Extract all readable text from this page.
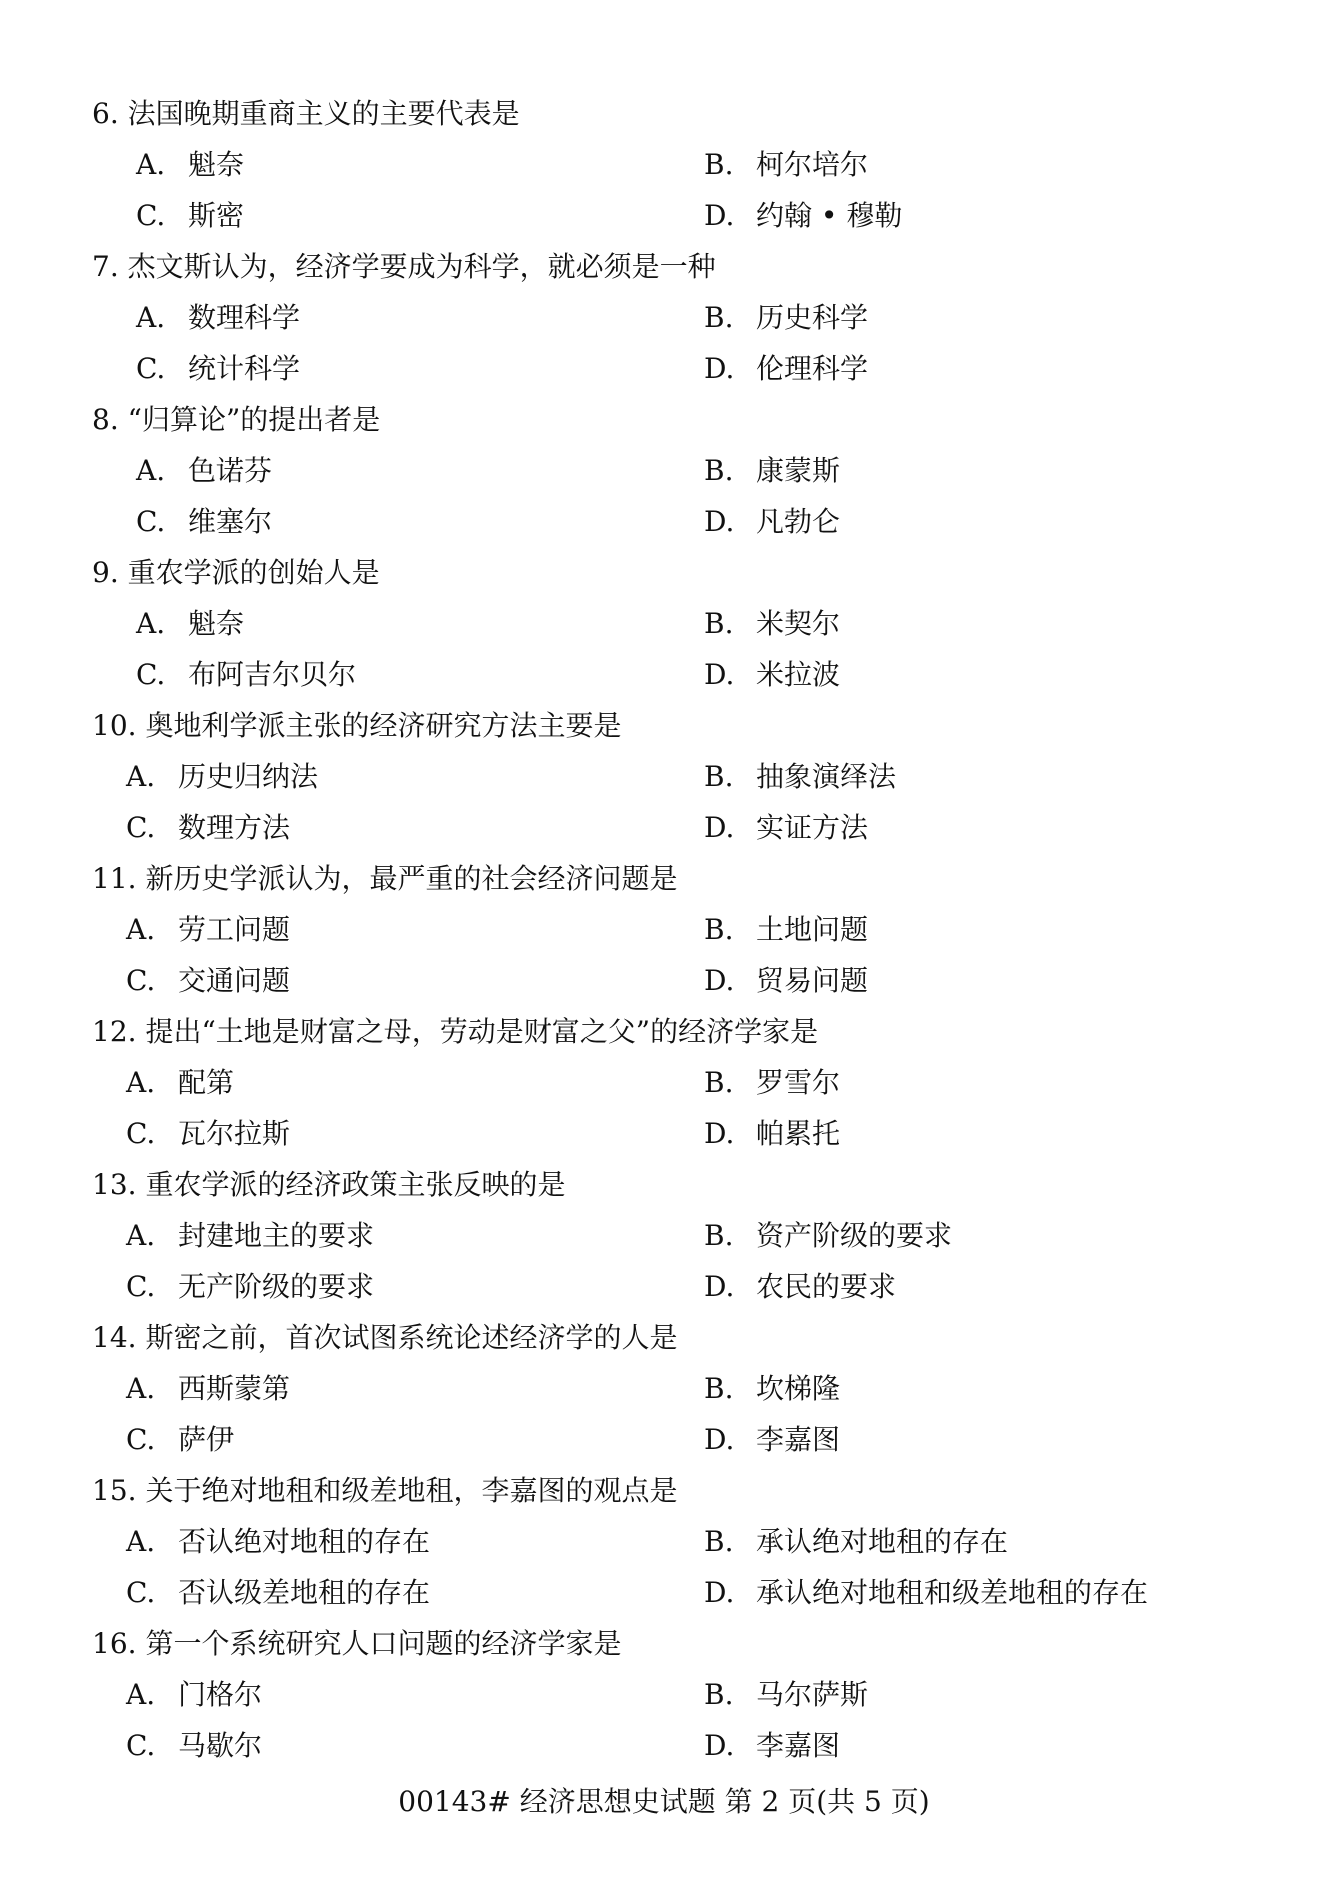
6. 法国晚期重商主义的主要代表是
A. 魁奈	B. 柯尔培尔
C. 斯密	D. 约翰 • 穆勒
7. 杰文斯认为，经济学要成为科学，就必须是一种
A. 数理科学	B. 历史科学
C. 统计科学	D. 伦理科学
8. “归算论”的提出者是
A. 色诺芬	B. 康蒙斯
C. 维塞尔	D. 凡勃仑
9. 重农学派的创始人是
A. 魁奈	B. 米契尔
C. 布阿吉尔贝尔	D. 米拉波
10. 奥地利学派主张的经济研究方法主要是
A. 历史归纳法	B. 抽象演绎法
C. 数理方法	D. 实证方法
11. 新历史学派认为，最严重的社会经济问题是
A. 劳工问题	B. 土地问题
C. 交通问题	D. 贸易问题
12. 提出“土地是财富之母，劳动是财富之父”的经济学家是
A. 配第	B. 罗雪尔
C. 瓦尔拉斯	D. 帕累托
13. 重农学派的经济政策主张反映的是
A. 封建地主的要求	B. 资产阶级的要求
C. 无产阶级的要求	D. 农民的要求
14. 斯密之前，首次试图系统论述经济学的人是
A. 西斯蒙第	B. 坎梯隆
C. 萨伊	D. 李嘉图
15. 关于绝对地租和级差地租，李嘉图的观点是
A. 否认绝对地租的存在	B. 承认绝对地租的存在
C. 否认级差地租的存在	D. 承认绝对地租和级差地租的存在
16. 第一个系统研究人口问题的经济学家是
A. 门格尔	B. 马尔萨斯
C. 马歇尔	D. 李嘉图
00143# 经济思想史试题 第 2 页(共 5 页)
